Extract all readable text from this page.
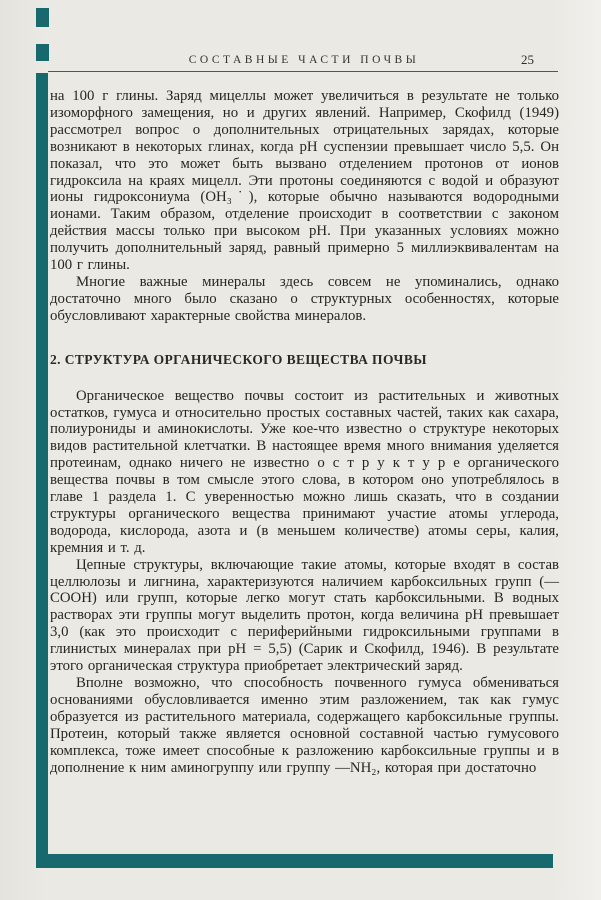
СОСТАВНЫЕ ЧАСТИ ПОЧВЫ	25

на 100 г глины. Заряд мицеллы может увеличиться в результате не только изоморфного замещения, но и других явлений. Например, Скофилд (1949) рассмотрел вопрос о дополнительных отрицательных зарядах, которые возникают в некоторых глинах, когда pH суспензии превышает число 5,5. Он показал, что это может быть вызвано отделением протонов от ионов гидроксила на краях мицелл. Эти протоны соединяются с водой и образуют ионы гидроксониума (OH₃˙), которые обычно называются водородными ионами. Таким образом, отделение происходит в соответствии с законом действия массы только при высоком pH. При указанных условиях можно получить дополнительный заряд, равный примерно 5 миллиэквивалентам на 100 г глины.

Многие важные минералы здесь совсем не упоминались, однако достаточно много было сказано о структурных особенностях, которые обусловливают характерные свойства минералов.

2. СТРУКТУРА ОРГАНИЧЕСКОГО ВЕЩЕСТВА ПОЧВЫ

Органическое вещество почвы состоит из растительных и животных остатков, гумуса и относительно простых составных частей, таких как сахара, полиурониды и аминокислоты. Уже кое-что известно о структуре некоторых видов растительной клетчатки. В настоящее время много внимания уделяется протеинам, однако ничего не известно о с т р у к т у р е органического вещества почвы в том смысле этого слова, в котором оно употреблялось в главе 1 раздела 1. С уверенностью можно лишь сказать, что в создании структуры органического вещества принимают участие атомы углерода, водорода, кислорода, азота и (в меньшем количестве) атомы серы, калия, кремния и т. д.

Цепные структуры, включающие такие атомы, которые входят в состав целлюлозы и лигнина, характеризуются наличием карбоксильных групп (— COOH) или групп, которые легко могут стать карбоксильными. В водных растворах эти группы могут выделить протон, когда величина pH превышает 3,0 (как это происходит с периферийными гидроксильными группами в глинистых минералах при pH = 5,5) (Сарик и Скофилд, 1946). В результате этого органическая структура приобретает электрический заряд.

Вполне возможно, что способность почвенного гумуса обмениваться основаниями обусловливается именно этим разложением, так как гумус образуется из растительного материала, содержащего карбоксильные группы. Протеин, который также является основной составной частью гумусового комплекса, тоже имеет способные к разложению карбоксильные группы и в дополнение к ним аминогруппу или группу —NH₂, которая при достаточно
